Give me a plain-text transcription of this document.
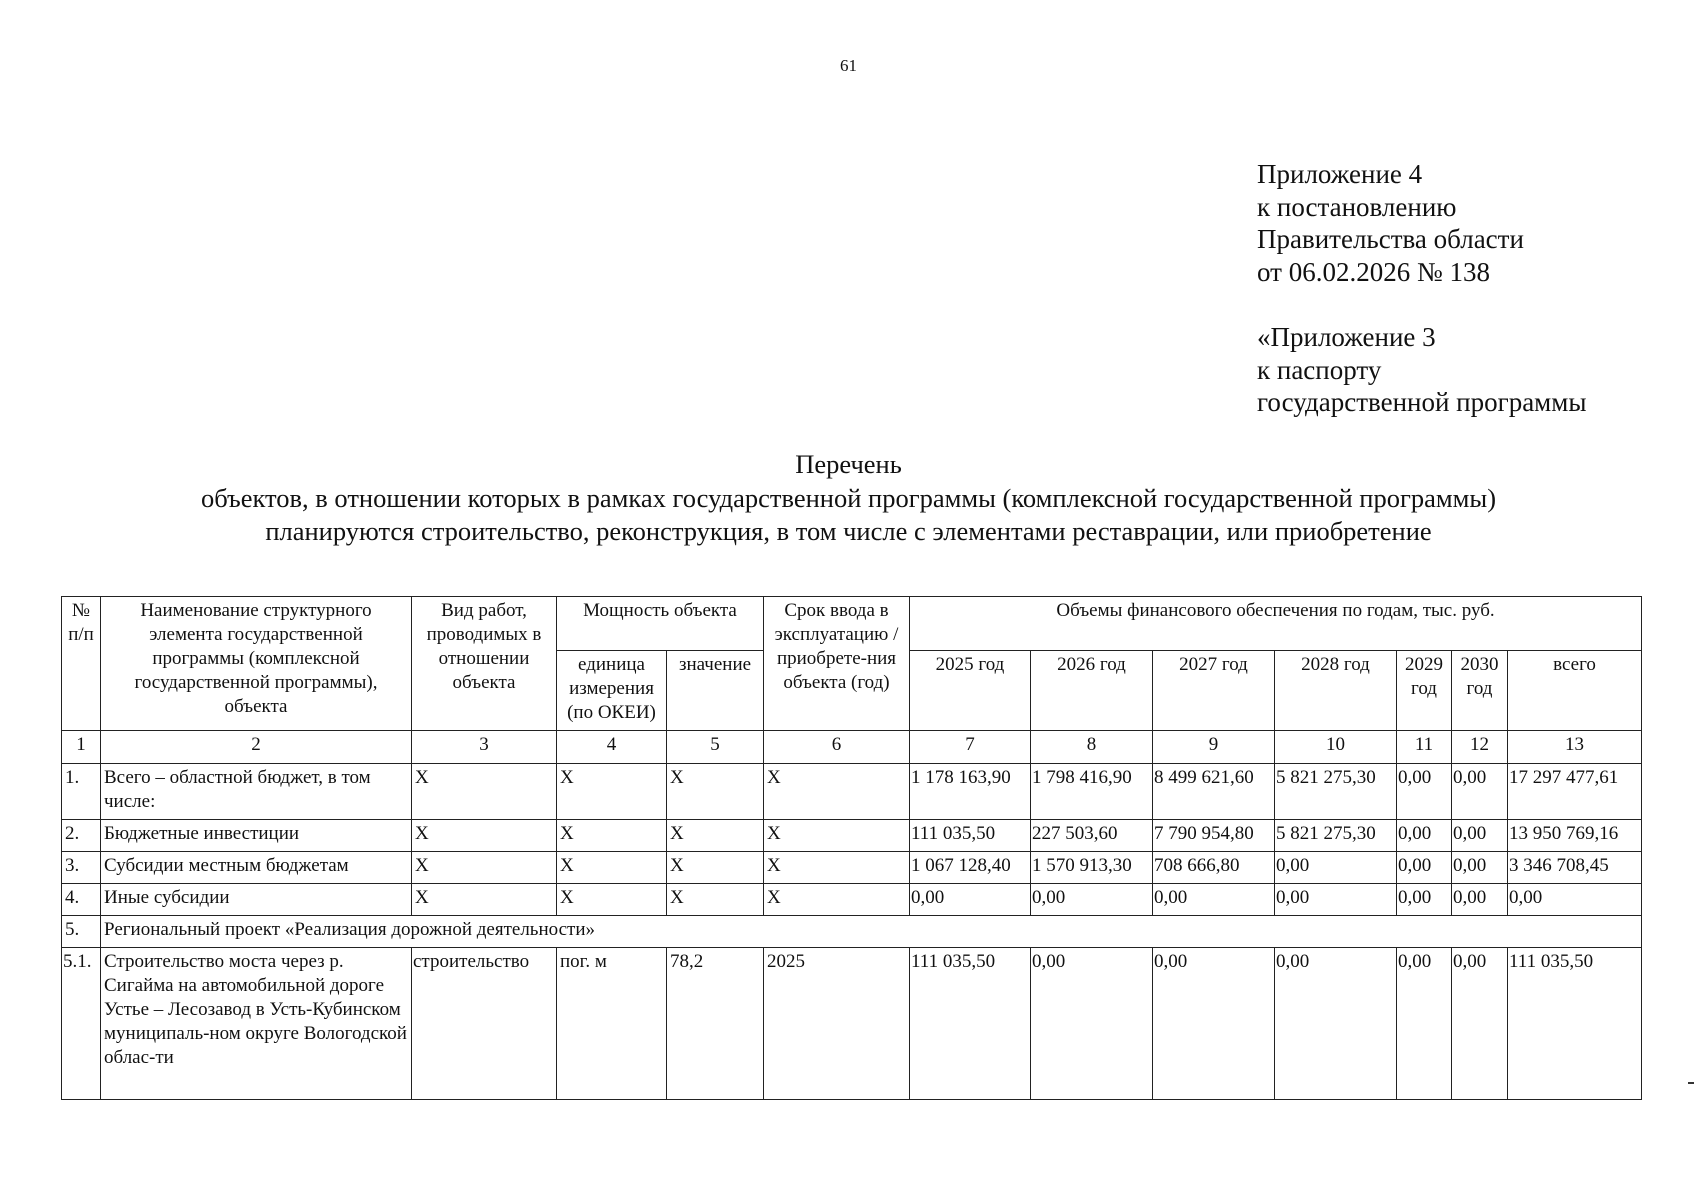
61
Приложение 4
к постановлению
Правительства области
от 06.02.2026 № 138
«Приложение 3
к паспорту
государственной программы
Перечень
объектов, в отношении которых в рамках государственной программы (комплексной государственной программы)
планируются строительство, реконструкция, в том числе с элементами реставрации, или приобретение
№ п/п	Наименование структурного элемента государственной программы (комплексной государственной программы), объекта	Вид работ, проводимых в отношении объекта	Мощность объекта		Срок ввода в эксплуатацию / приобрете-ния объекта (год)	Объемы финансового обеспечения по годам, тыс. руб.						
			единица измерения (по ОКЕИ)	значение		2025 год	2026 год	2027 год	2028 год	2029 год	2030 год	всего
1	2	3	4	5	6	7	8	9	10	11	12	13
1.	Всего – областной бюджет, в том числе:	X	X	X	X	1 178 163,90	1 798 416,90	8 499 621,60	5 821 275,30	0,00	0,00	17 297 477,61
2.	Бюджетные инвестиции	X	X	X	X	111 035,50	227 503,60	7 790 954,80	5 821 275,30	0,00	0,00	13 950 769,16
3.	Субсидии местным бюджетам	X	X	X	X	1 067 128,40	1 570 913,30	708 666,80	0,00	0,00	0,00	3 346 708,45
4.	Иные субсидии	X	X	X	X	0,00	0,00	0,00	0,00	0,00	0,00	0,00
5.	Региональный проект «Реализация дорожной деятельности»											
5.1.	Строительство моста через р. Сигайма на автомобильной дороге Устье – Лесозавод в Усть-Кубинском муниципаль-ном округе Вологодской облас-ти	строительство	пог. м	78,2	2025	111 035,50	0,00	0,00	0,00	0,00	0,00	111 035,50
